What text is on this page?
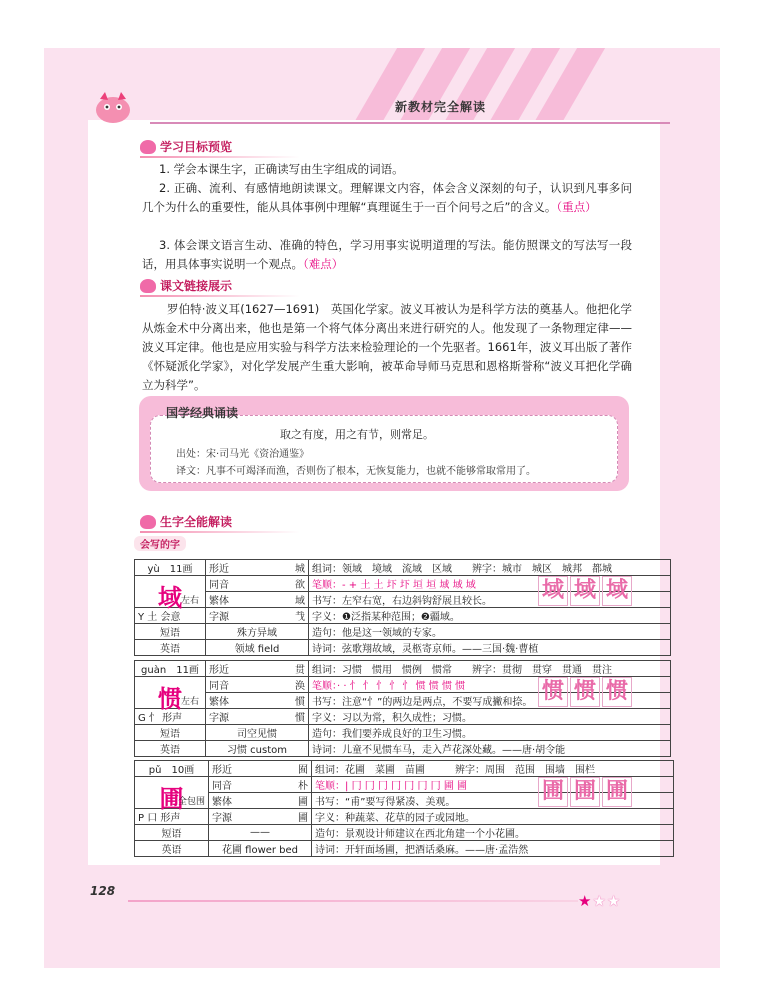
新教材完全解读
学习目标预览
1. 学会本课生字，正确读写由生字组成的词语。
2. 正确、流利、有感情地朗读课文。理解课文内容，体会含义深刻的句子，认识到凡事多问几个为什么的重要性，能从具体事例中理解“真理诞生于一百个问号之后”的含义。（重点）
3. 体会课文语言生动、准确的特色，学习用事实说明道理的写法。能仿照课文的写法写一段话，用具体事实说明一个观点。（难点）
课文链接展示
罗伯特·波义耳(1627—1691)　英国化学家。波义耳被认为是科学方法的奠基人。他把化学从炼金术中分离出来，他也是第一个将气体分离出来进行研究的人。他发现了一条物理定律——波义耳定律。他也是应用实验与科学方法来检验理论的一个先驱者。1661年，波义耳出版了著作《怀疑派化学家》，对化学发展产生重大影响，被革命导师马克思和恩格斯誉称“波义耳把化学确立为科学”。
国学经典诵读
取之有度，用之有节，则常足。
出处：宋·司马光《资治通鉴》
译文：凡事不可竭泽而渔，否则伤了根本，无恢复能力，也就不能够常取常用了。
生字全能解读
会写的字
yù　 11画	形近	城	组词：领域　境域　流域　区域　　辨字：城市　城区　城邦　都城
域
左右	同音	欲	笔顺：- + 土 土 圷 圷 垣 垣 域 域 域
	繁体	域	书写：左窄右宽，右边斜钩舒展且较长。
Y 土 会意	字源	𢦏	字义：❶泛指某种范围；❷疆域。
短语	殊方异域		造句：他是这一领域的专家。
英语	领域 field		诗词：弦歌翔故域，灵柩寄京师。——三国·魏·曹植
域 域 域
guàn　 11画	形近	贯	组词：习惯　惯用　惯例　惯常　　辨字：贯彻　贯穿　贯通　贯注
惯
左右	同音	涣	笔顺：· · 忄 忄 忄 忄 忄 惯 惯 惯 惯
	繁体	慣	书写：注意“忄”的两边是两点，不要写成撇和捺。
G 忄 形声	字源	慣	字义：习以为常，积久成性；习惯。
短语	司空见惯		造句：我们要养成良好的卫生习惯。
英语	习惯 custom		诗词：儿童不见惯车马，走入芦花深处藏。——唐·胡令能
惯 惯 惯
pǔ　 10画	形近	囿	组词：花圃　菜圃　苗圃　　　辨字：周围　范围　围墙　围栏
圃
全包围	同音	朴	笔顺：| 冂 冂 冂 冂 冂 冂 冂 圃 圃
	繁体	圃	书写：“甫”要写得紧凑、美观。
P 口 形声	字源	圃	字义：种蔬菜、花草的园子或园地。
短语	——		造句：景观设计师建议在西北角建一个小花圃。
英语	花圃 flower bed		诗词：开轩面场圃，把酒话桑麻。——唐·孟浩然
圃 圃 圃
128
★★★
